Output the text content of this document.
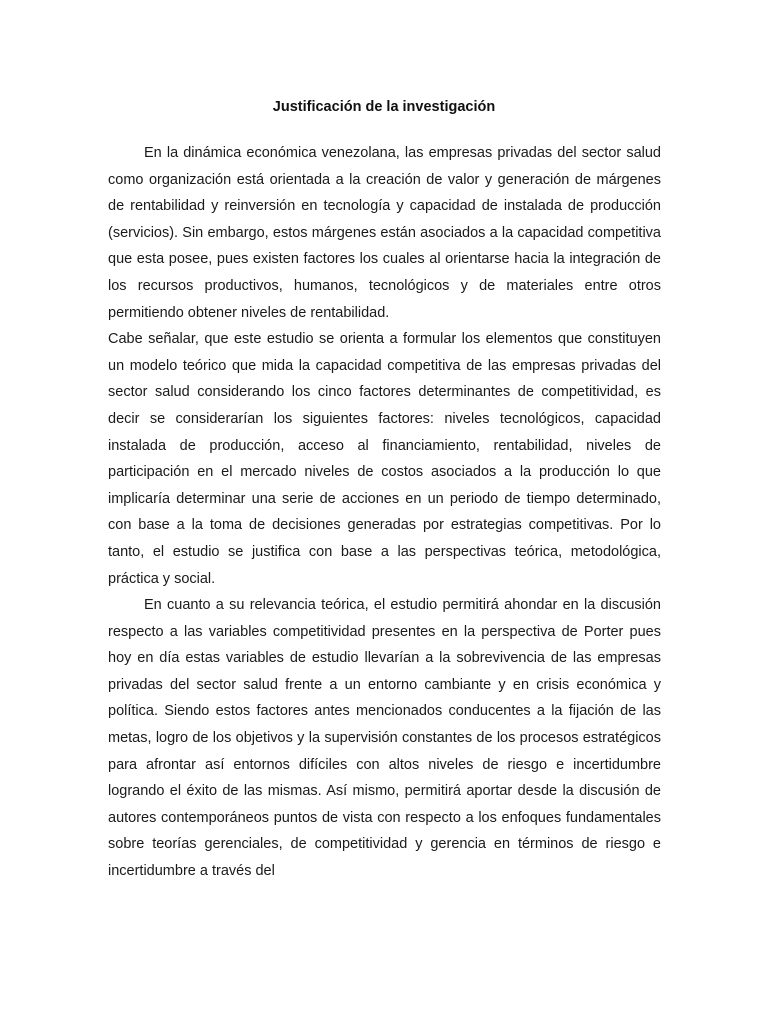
Justificación de la investigación

En la dinámica económica venezolana, las empresas privadas del sector salud como organización está orientada a la creación de valor y generación de márgenes de rentabilidad y reinversión en tecnología y capacidad de instalada de producción (servicios). Sin embargo, estos márgenes están asociados a la capacidad competitiva que esta posee, pues existen factores los cuales al orientarse hacia la integración de los recursos productivos, humanos, tecnológicos y de materiales entre otros permitiendo obtener niveles de rentabilidad.

Cabe señalar, que este estudio se orienta a formular los elementos que constituyen un modelo teórico que mida la capacidad competitiva de las empresas privadas del sector salud considerando los cinco factores determinantes de competitividad, es decir se considerarían los siguientes factores: niveles tecnológicos, capacidad instalada de producción, acceso al financiamiento, rentabilidad, niveles de participación en el mercado niveles de costos asociados a la producción lo que implicaría determinar una serie de acciones en un periodo de tiempo determinado, con base a la toma de decisiones generadas por estrategias competitivas. Por lo tanto, el estudio se justifica con base a las perspectivas teórica, metodológica, práctica y social.

En cuanto a su relevancia teórica, el estudio permitirá ahondar en la discusión respecto a las variables competitividad presentes en la perspectiva de Porter pues hoy en día estas variables de estudio llevarían a la sobrevivencia de las empresas privadas del sector salud frente a un entorno cambiante y en crisis económica y política. Siendo estos factores antes mencionados conducentes a la fijación de las metas, logro de los objetivos y la supervisión constantes de los procesos estratégicos para afrontar así entornos difíciles con altos niveles de riesgo e incertidumbre logrando el éxito de las mismas. Así mismo, permitirá aportar desde la discusión de autores contemporáneos puntos de vista con respecto a los enfoques fundamentales sobre teorías gerenciales, de competitividad y gerencia en términos de riesgo e incertidumbre a través del
